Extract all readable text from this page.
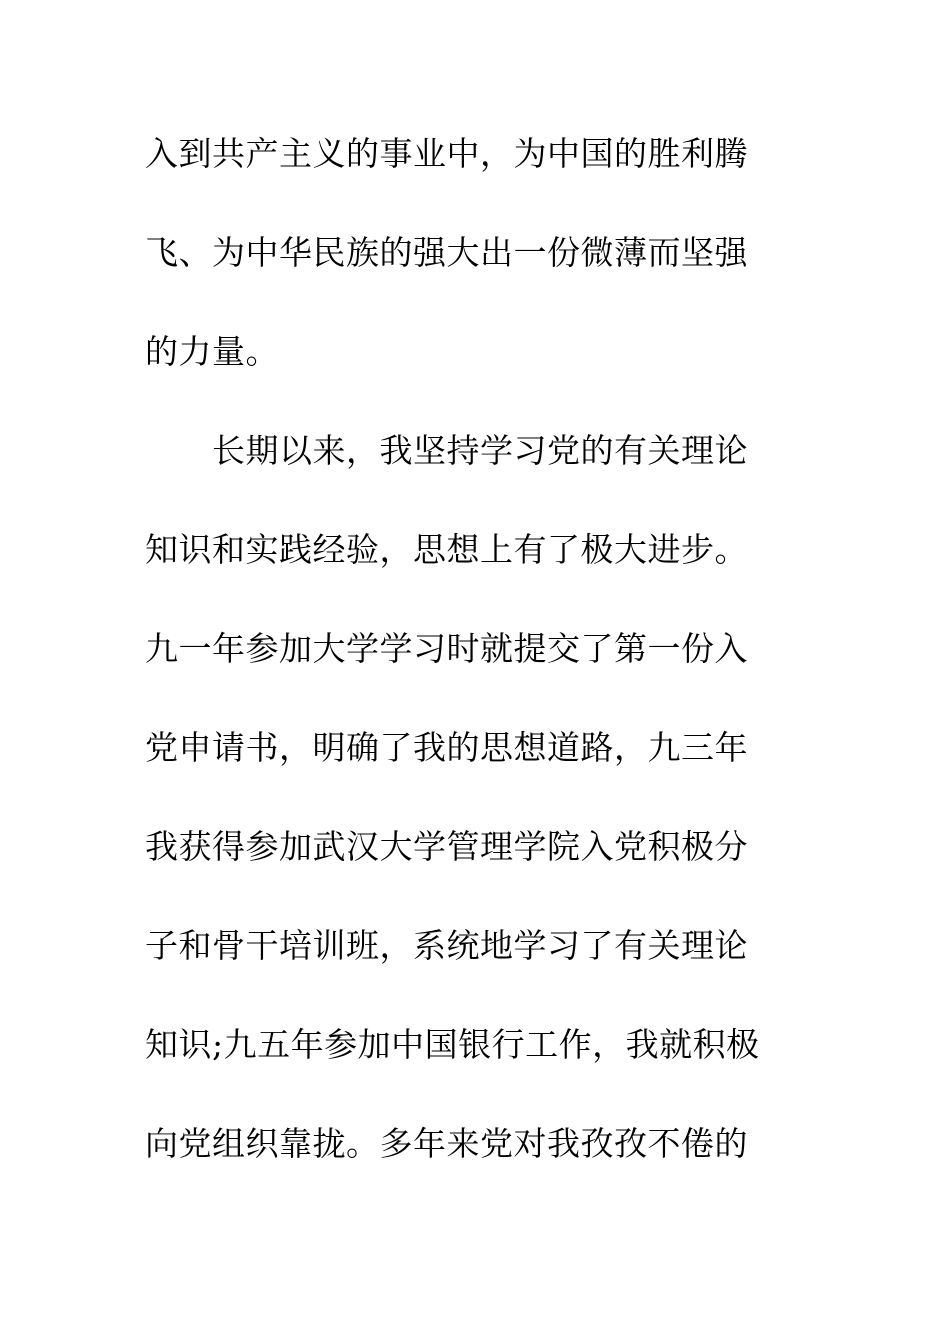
入到共产主义的事业中，为中国的胜利腾
飞、为中华民族的强大出一份微薄而坚强
的力量。
　　长期以来，我坚持学习党的有关理论
知识和实践经验，思想上有了极大进步。
九一年参加大学学习时就提交了第一份入
党申请书，明确了我的思想道路，九三年
我获得参加武汉大学管理学院入党积极分
子和骨干培训班，系统地学习了有关理论
知识;九五年参加中国银行工作，我就积极
向党组织靠拢。多年来党对我孜孜不倦的
